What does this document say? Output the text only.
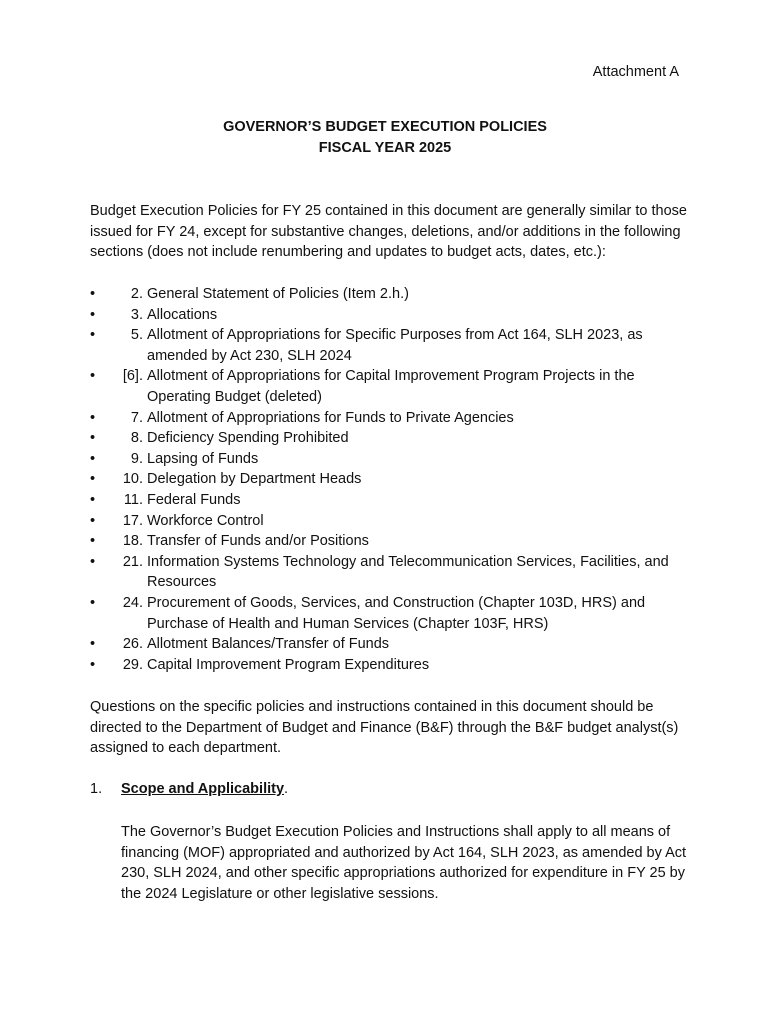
Attachment A
GOVERNOR’S BUDGET EXECUTION POLICIES
FISCAL YEAR 2025
Budget Execution Policies for FY 25 contained in this document are generally similar to those issued for FY 24, except for substantive changes, deletions, and/or additions in the following sections (does not include renumbering and updates to budget acts, dates, etc.):
•	2. General Statement of Policies (Item 2.h.)
•	3. Allocations
•	5. Allotment of Appropriations for Specific Purposes from Act 164, SLH 2023, as amended by Act 230, SLH 2024
•	[6]. Allotment of Appropriations for Capital Improvement Program Projects in the Operating Budget (deleted)
•	7. Allotment of Appropriations for Funds to Private Agencies
•	8. Deficiency Spending Prohibited
•	9. Lapsing of Funds
•	10. Delegation by Department Heads
•	11. Federal Funds
•	17. Workforce Control
•	18. Transfer of Funds and/or Positions
•	21. Information Systems Technology and Telecommunication Services, Facilities, and Resources
•	24. Procurement of Goods, Services, and Construction (Chapter 103D, HRS) and Purchase of Health and Human Services (Chapter 103F, HRS)
•	26. Allotment Balances/Transfer of Funds
•	29. Capital Improvement Program Expenditures
Questions on the specific policies and instructions contained in this document should be directed to the Department of Budget and Finance (B&F) through the B&F budget analyst(s) assigned to each department.
1. Scope and Applicability.
The Governor’s Budget Execution Policies and Instructions shall apply to all means of financing (MOF) appropriated and authorized by Act 164, SLH 2023, as amended by Act 230, SLH 2024, and other specific appropriations authorized for expenditure in FY 25 by the 2024 Legislature or other legislative sessions.
